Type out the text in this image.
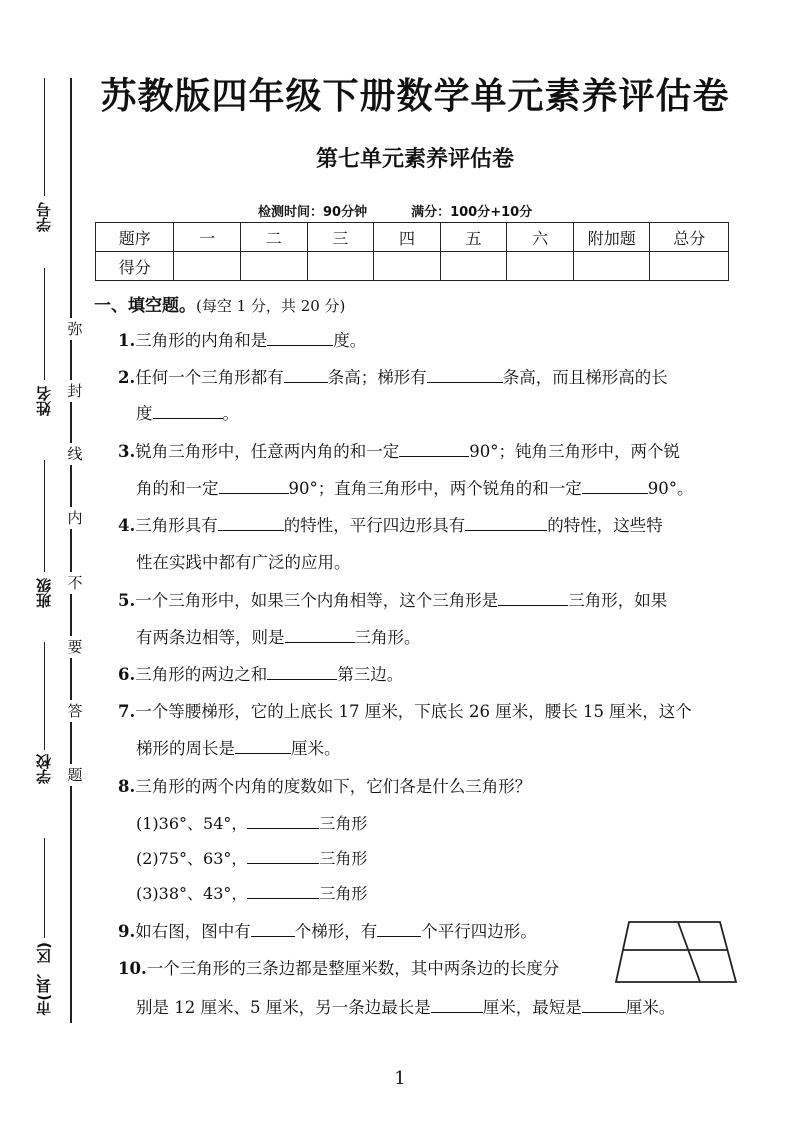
学号
姓名
班级
学校
市(县、区)
弥
封
线
内
不
要
答
题
苏教版四年级下册数学单元素养评估卷
第七单元素养评估卷
检测时间：90分钟	满分：100分+10分
题序	一	二	三	四	五	六	附加题	总分
得分								
一、填空题。(每空 1 分，共 20 分)
1.三角形的内角和是	度。
2.任何一个三角形都有	条高；梯形有	条高，而且梯形高的长
度	。
3.锐角三角形中，任意两内角的和一定	90°；钝角三角形中，两个锐
角的和一定	90°；直角三角形中，两个锐角的和一定	90°。
4.三角形具有	的特性，平行四边形具有	的特性，这些特
性在实践中都有广泛的应用。
5.一个三角形中，如果三个内角相等，这个三角形是	三角形，如果
有两条边相等，则是	三角形。
6.三角形的两边之和	第三边。
7.一个等腰梯形，它的上底长 17 厘米，下底长 26 厘米，腰长 15 厘米，这个
梯形的周长是	厘米。
8.三角形的两个内角的度数如下，它们各是什么三角形？
(1)36°、54°，	三角形
(2)75°、63°，	三角形
(3)38°、43°，	三角形
9.如右图，图中有	个梯形，有	个平行四边形。
10.一个三角形的三条边都是整厘米数，其中两条边的长度分
别是 12 厘米、5 厘米，另一条边最长是	厘米，最短是	厘米。
1
